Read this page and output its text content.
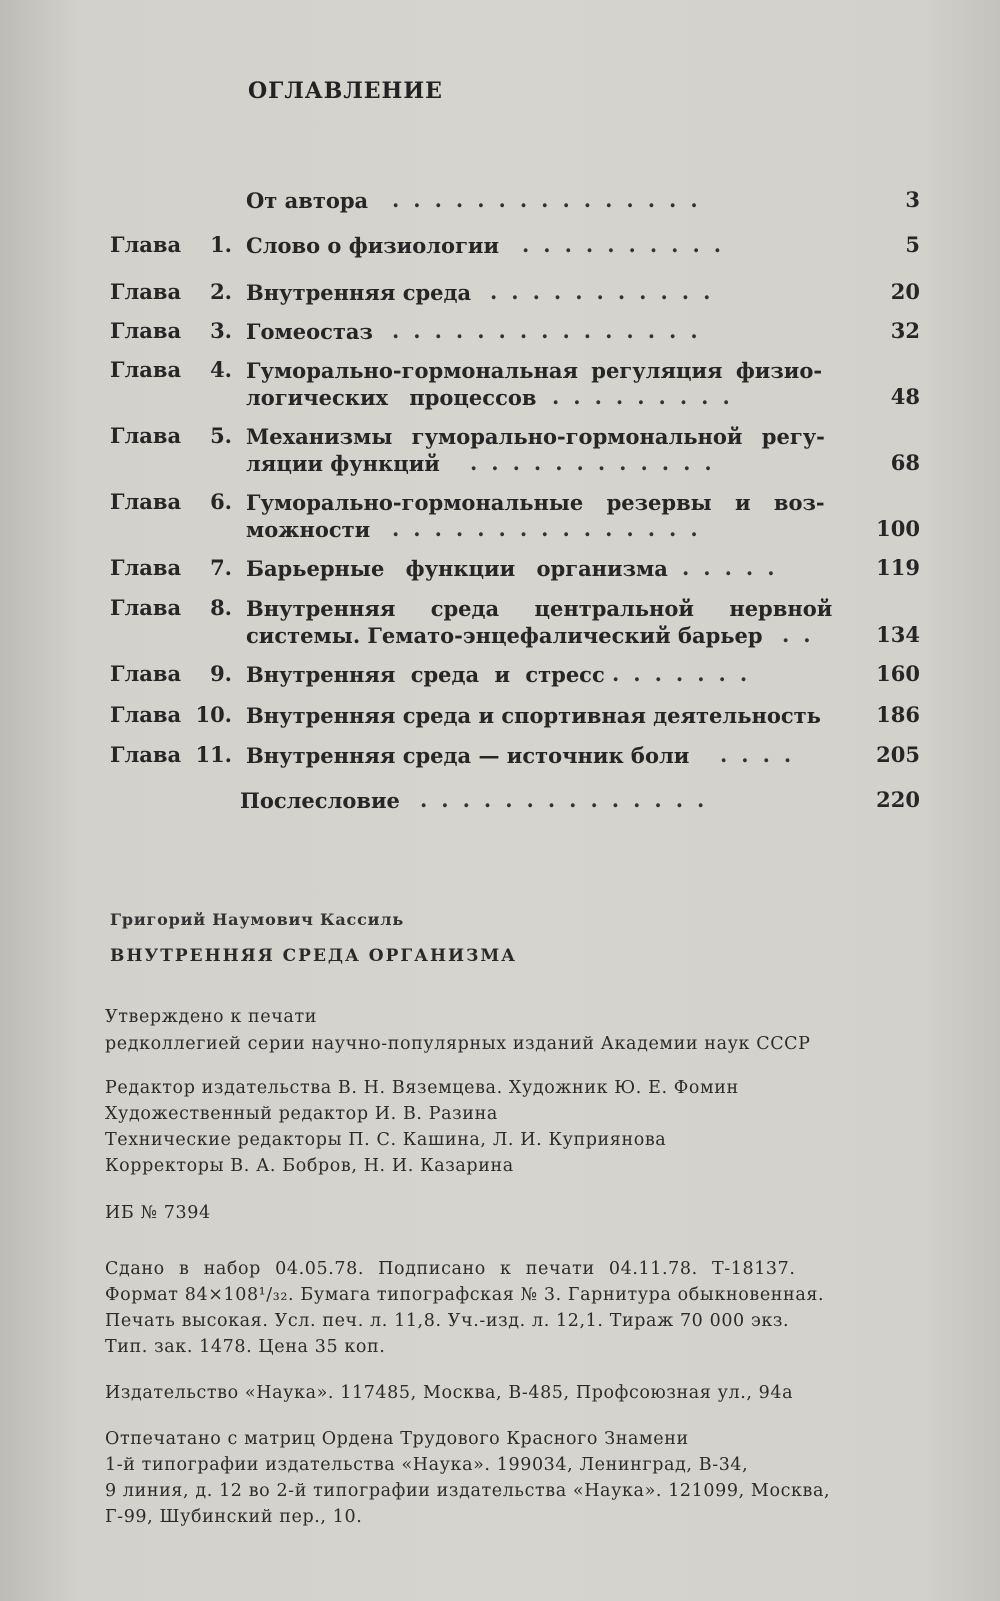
ОГЛАВЛЕНИЕ
От автора	...............	3
Глава	1. Слово о физиологии	..........	5
Глава	2. Внутренняя среда ...........	20
Глава	3. Гомеостаз ...............	32
Глава	4. Гуморально-гормональная регуляция физио-
логических процессов .........	48
Глава	5. Механизмы гуморально-гормональной регу-
ляции функций	............	68
Глава	6. Гуморально-гормональные резервы и воз-
можности	...............	100
Глава	7. Барьерные функции организма .....	119
Глава	8. Внутренняя среда центральной нервной
системы. Гемато-энцефалический барьер ..	134
Глава	9. Внутренняя среда и стресс .......	160
Глава 10. Внутренняя среда и спортивная деятельность	186
Глава 11. Внутренняя среда — источник боли	....	205
Послесловие ..............	220
Григорий Наумович Кассиль
ВНУТРЕННЯЯ СРЕДА ОРГАНИЗМА
Утверждено к печати
редколлегией серии научно-популярных изданий Академии наук СССР
Редактор издательства В. Н. Вяземцева. Художник Ю. Е. Фомин
Художественный редактор И. В. Разина
Технические редакторы П. С. Кашина, Л. И. Куприянова
Корректоры В. А. Бобров, Н. И. Казарина
ИБ № 7394
Сдано в набор 04.05.78. Подписано к печати 04.11.78. Т-18137.
Формат 84×108¹/₃₂. Бумага типографская № 3. Гарнитура обыкновенная.
Печать высокая. Усл. печ. л. 11,8. Уч.-изд. л. 12,1. Тираж 70 000 экз.
Тип. зак. 1478. Цена 35 коп.
Издательство «Наука». 117485, Москва, В-485, Профсоюзная ул., 94а
Отпечатано с матриц Ордена Трудового Красного Знамени
1-й типографии издательства «Наука». 199034, Ленинград, В-34,
9 линия, д. 12 во 2-й типографии издательства «Наука». 121099, Москва,
Г-99, Шубинский пер., 10.
